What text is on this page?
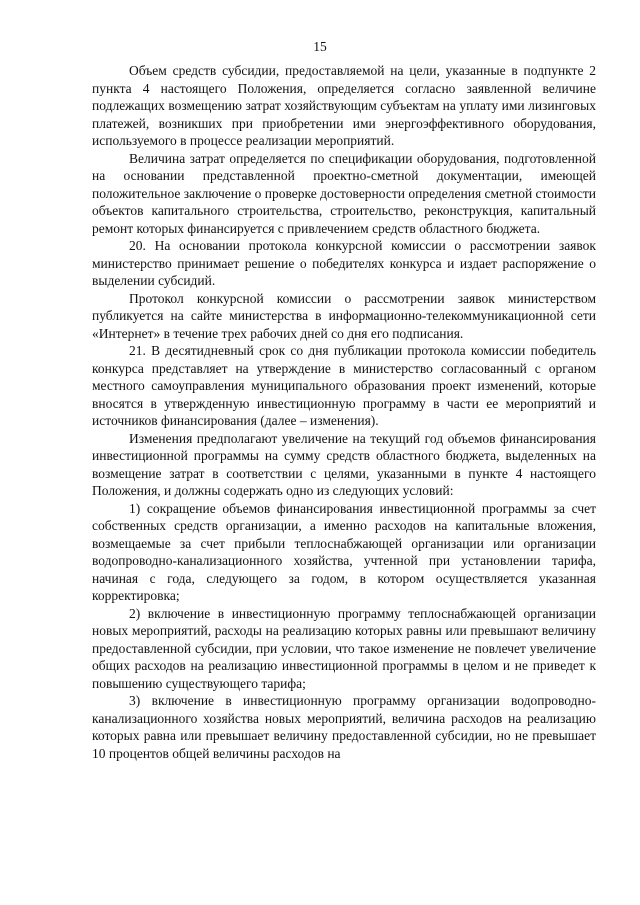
15

Объем средств субсидии, предоставляемой на цели, указанные в подпункте 2 пункта 4 настоящего Положения, определяется согласно заявленной величине подлежащих возмещению затрат хозяйствующим субъектам на уплату ими лизинговых платежей, возникших при приобретении ими энергоэффективного оборудования, используемого в процессе реализации мероприятий.

Величина затрат определяется по спецификации оборудования, подготовленной на основании представленной проектно-сметной документации, имеющей положительное заключение о проверке достоверности определения сметной стоимости объектов капитального строительства, строительство, реконструкция, капитальный ремонт которых финансируется с привлечением средств областного бюджета.

20. На основании протокола конкурсной комиссии о рассмотрении заявок министерство принимает решение о победителях конкурса и издает распоряжение о выделении субсидий.

Протокол конкурсной комиссии о рассмотрении заявок министерством публикуется на сайте министерства в информационно-телекоммуникационной сети «Интернет» в течение трех рабочих дней со дня его подписания.

21. В десятидневный срок со дня публикации протокола комиссии победитель конкурса представляет на утверждение в министерство согласованный с органом местного самоуправления муниципального образования проект изменений, которые вносятся в утвержденную инвестиционную программу в части ее мероприятий и источников финансирования (далее – изменения).

Изменения предполагают увеличение на текущий год объемов финансирования инвестиционной программы на сумму средств областного бюджета, выделенных на возмещение затрат в соответствии с целями, указанными в пункте 4 настоящего Положения, и должны содержать одно из следующих условий:

1) сокращение объемов финансирования инвестиционной программы за счет собственных средств организации, а именно расходов на капитальные вложения, возмещаемые за счет прибыли теплоснабжающей организации или организации водопроводно-канализационного хозяйства, учтенной при установлении тарифа, начиная с года, следующего за годом, в котором осуществляется указанная корректировка;

2) включение в инвестиционную программу теплоснабжающей организации новых мероприятий, расходы на реализацию которых равны или превышают величину предоставленной субсидии, при условии, что такое изменение не повлечет увеличение общих расходов на реализацию инвестиционной программы в целом и не приведет к повышению существующего тарифа;

3) включение в инвестиционную программу организации водопроводно-канализационного хозяйства новых мероприятий, величина расходов на реализацию которых равна или превышает величину предоставленной субсидии, но не превышает 10 процентов общей величины расходов на
